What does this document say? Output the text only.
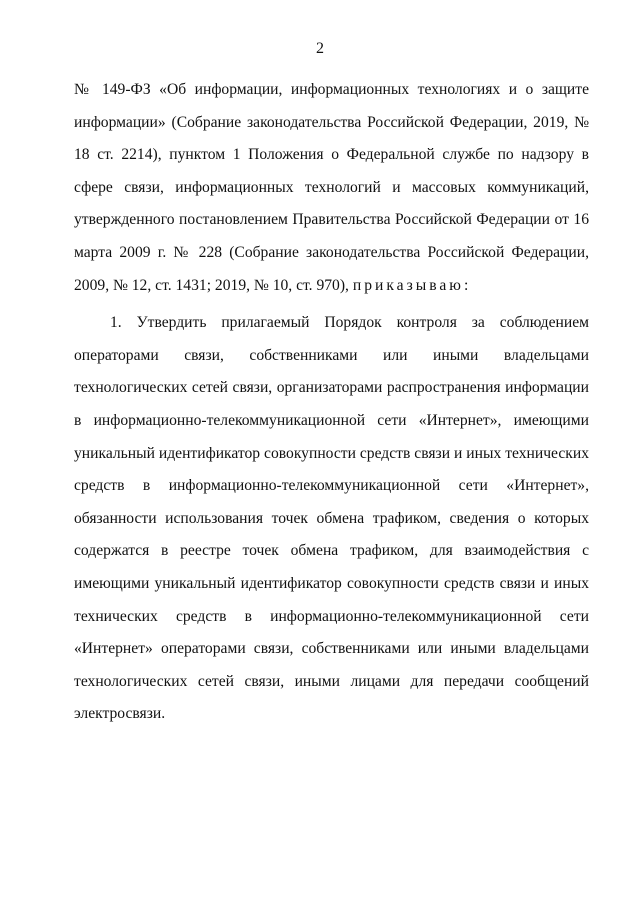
2

№ 149-ФЗ «Об информации, информационных технологиях и о защите информации» (Собрание законодательства Российской Федерации, 2019, № 18 ст. 2214), пунктом 1 Положения о Федеральной службе по надзору в сфере связи, информационных технологий и массовых коммуникаций, утвержденного постановлением Правительства Российской Федерации от 16 марта 2009 г. № 228 (Собрание законодательства Российской Федерации, 2009, № 12, ст. 1431; 2019, № 10, ст. 970), приказываю:

1. Утвердить прилагаемый Порядок контроля за соблюдением операторами связи, собственниками или иными владельцами технологических сетей связи, организаторами распространения информации в информационно-телекоммуникационной сети «Интернет», имеющими уникальный идентификатор совокупности средств связи и иных технических средств в информационно-телекоммуникационной сети «Интернет», обязанности использования точек обмена трафиком, сведения о которых содержатся в реестре точек обмена трафиком, для взаимодействия с имеющими уникальный идентификатор совокупности средств связи и иных технических средств в информационно-телекоммуникационной сети «Интернет» операторами связи, собственниками или иными владельцами технологических сетей связи, иными лицами для передачи сообщений электросвязи.
